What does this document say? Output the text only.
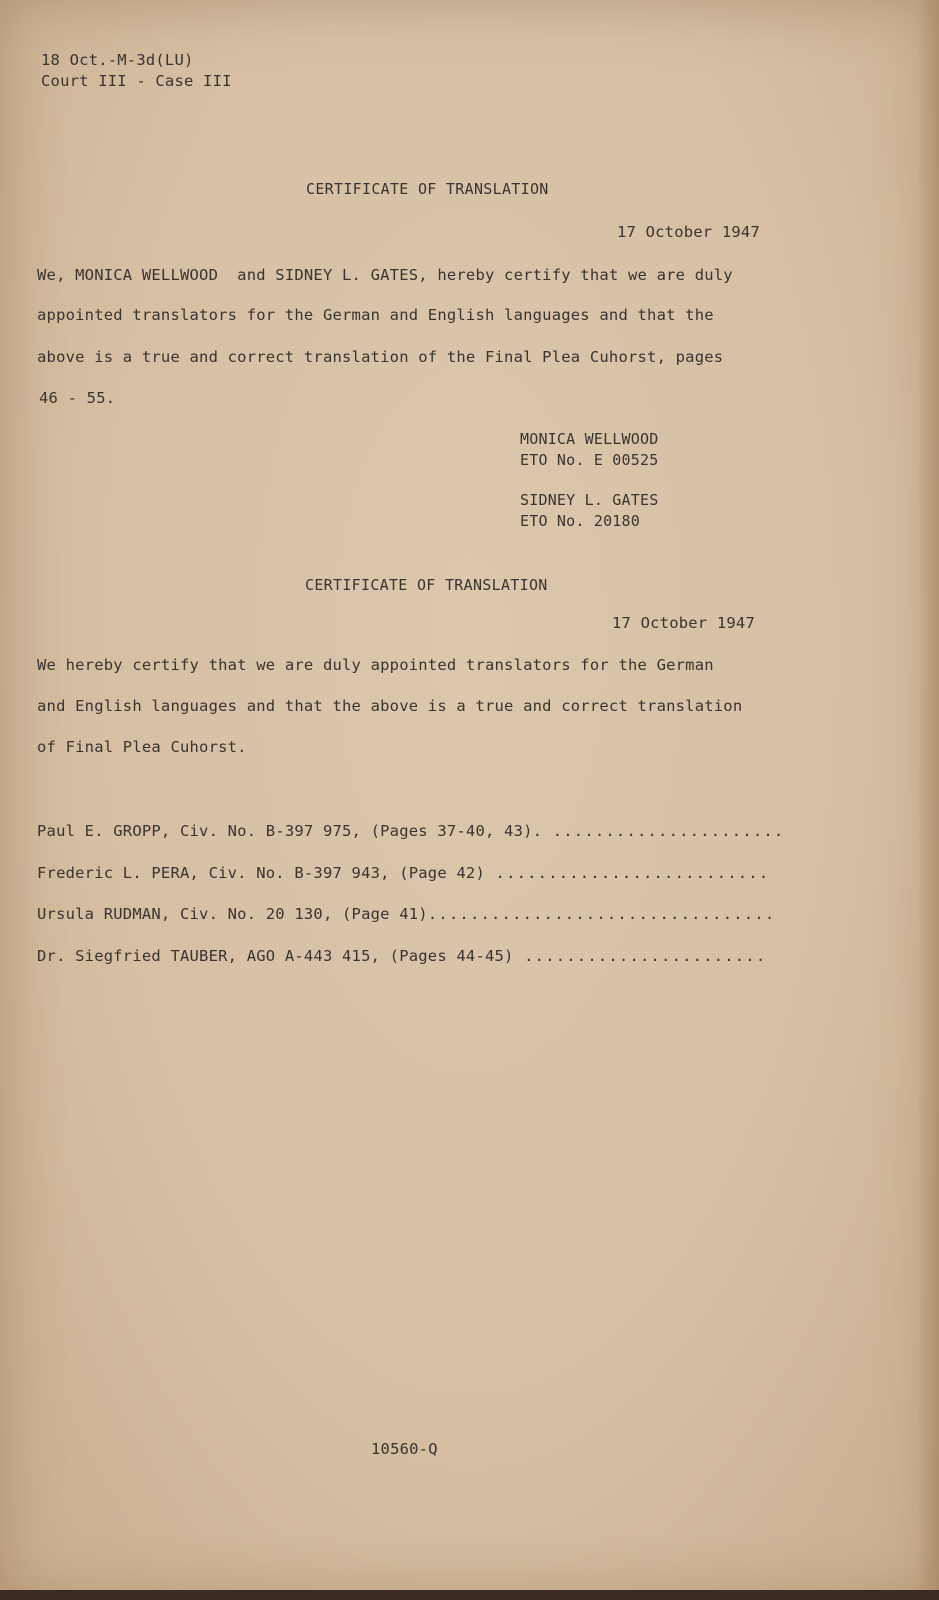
18 Oct.-M-3d(LU)
Court III - Case III
CERTIFICATE OF TRANSLATION
17 October 1947
We, MONICA WELLWOOD  and SIDNEY L. GATES, hereby certify that we are duly
appointed translators for the German and English languages and that the
above is a true and correct translation of the Final Plea Cuhorst, pages
46 - 55.
MONICA WELLWOOD
ETO No. E 00525
SIDNEY L. GATES
ETO No. 20180
CERTIFICATE OF TRANSLATION
17 October 1947
We hereby certify that we are duly appointed translators for the German
and English languages and that the above is a true and correct translation
of Final Plea Cuhorst.
Paul E. GROPP, Civ. No. B-397 975, (Pages 37-40, 43). ......................
Frederic L. PERA, Civ. No. B-397 943, (Page 42) ..........................
Ursula RUDMAN, Civ. No. 20 130, (Page 41).................................
Dr. Siegfried TAUBER, AGO A-443 415, (Pages 44-45) .......................
10560-Q
